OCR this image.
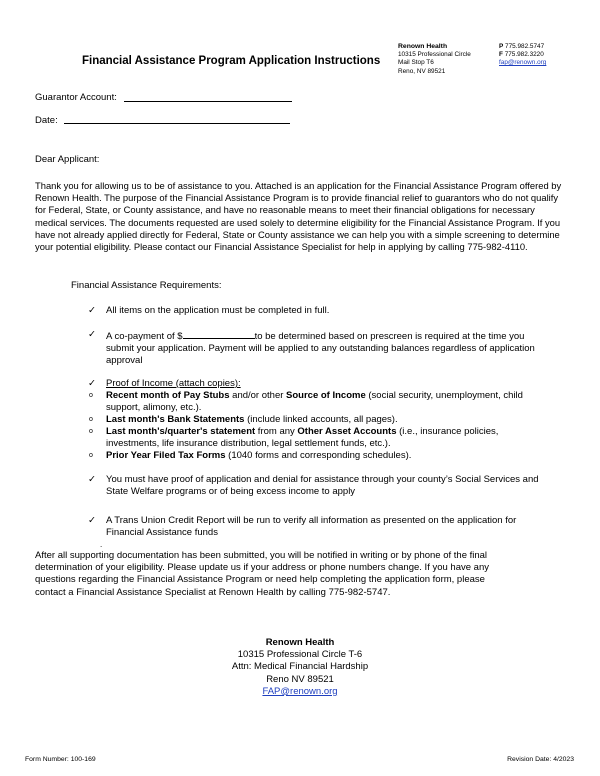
Financial Assistance Program Application Instructions
Renown Health
10315 Professional Circle
Mail Stop T6
Reno, NV 89521
P 775.982.5747
F 775.982.3220
fap@renown.org
Guarantor Account:
Date:
Dear Applicant:
Thank you for allowing us to be of assistance to you. Attached is an application for the Financial Assistance Program offered by Renown Health. The purpose of the Financial Assistance Program is to provide financial relief to guarantors who do not qualify for Federal, State, or County assistance, and have no reasonable means to meet their financial obligations for necessary medical services. The documents requested are used solely to determine eligibility for the Financial Assistance Program. If you have not already applied directly for Federal, State or County assistance we can help you with a simple screening to determine your potential eligibility. Please contact our Financial Assistance Specialist for help in applying by calling 775-982-4110.
Financial Assistance Requirements:
✓ All items on the application must be completed in full.
✓ A co-payment of $	to be determined based on prescreen is required at the time you submit your application. Payment will be applied to any outstanding balances regardless of application approval
✓ Proof of Income (attach copies):
o Recent month of Pay Stubs and/or other Source of Income (social security, unemployment, child support, alimony, etc.).
o Last month's Bank Statements (include linked accounts, all pages).
o Last month's/quarter's statement from any Other Asset Accounts (i.e., insurance policies, investments, life insurance distribution, legal settlement funds, etc.).
o Prior Year Filed Tax Forms (1040 forms and corresponding schedules).
✓ You must have proof of application and denial for assistance through your county’s Social Services and State Welfare programs or of being excess income to apply
✓ A Trans Union Credit Report will be run to verify all information as presented on the application for Financial Assistance funds
.
After all supporting documentation has been submitted, you will be notified in writing or by phone of the final determination of your eligibility. Please update us if your address or phone numbers change. If you have any questions regarding the Financial Assistance Program or need help completing the application form, please contact a Financial Assistance Specialist at Renown Health by calling 775-982-5747.
Renown Health
10315 Professional Circle T-6
Attn: Medical Financial Hardship
Reno NV 89521
FAP@renown.org
Form Number: 100-169	Revision Date: 4/2023
